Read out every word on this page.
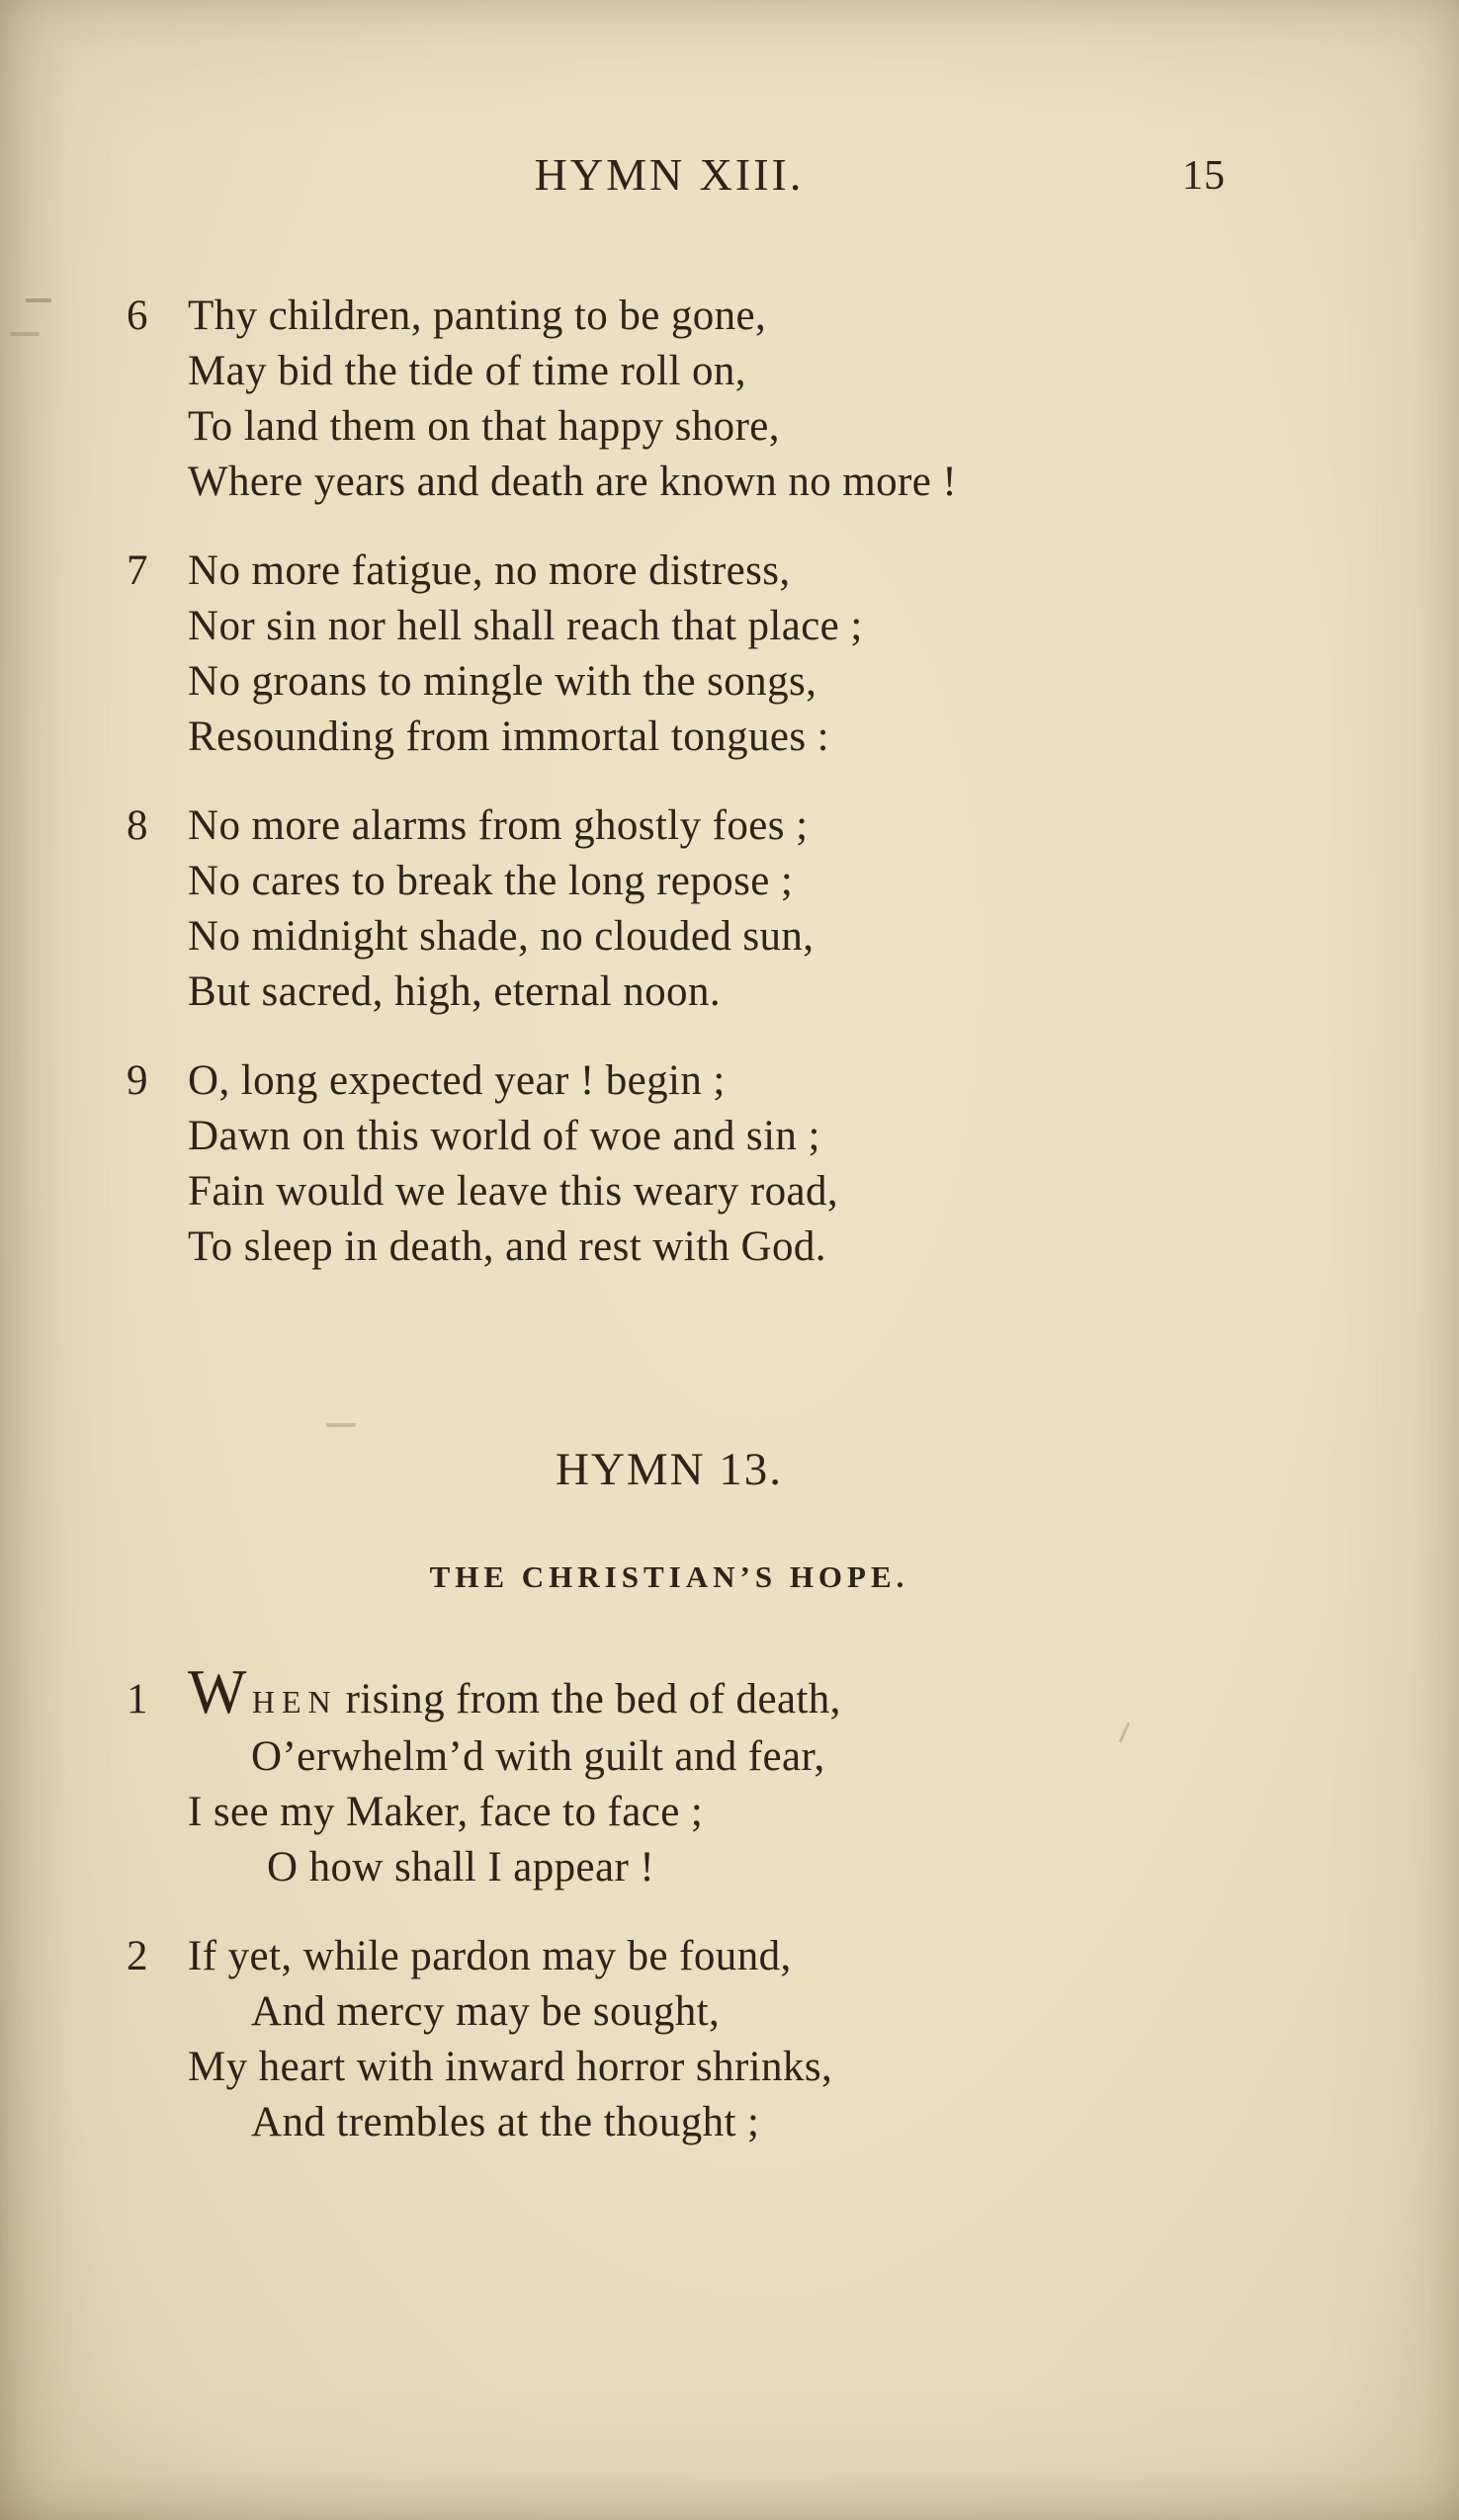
HYMN XIII.	15
6 Thy children, panting to be gone,
May bid the tide of time roll on,
To land them on that happy shore,
Where years and death are known no more !
7 No more fatigue, no more distress,
Nor sin nor hell shall reach that place ;
No groans to mingle with the songs,
Resounding from immortal tongues :
8 No more alarms from ghostly foes ;
No cares to break the long repose ;
No midnight shade, no clouded sun,
But sacred, high, eternal noon.
9 O, long expected year ! begin ;
Dawn on this world of woe and sin ;
Fain would we leave this weary road,
To sleep in death, and rest with God.
HYMN 13.
THE CHRISTIAN’S HOPE.
1 WHEN rising from the bed of death,
O’erwhelm’d with guilt and fear,
I see my Maker, face to face ;
O how shall I appear !
2 If yet, while pardon may be found,
And mercy may be sought,
My heart with inward horror shrinks,
And trembles at the thought ;
